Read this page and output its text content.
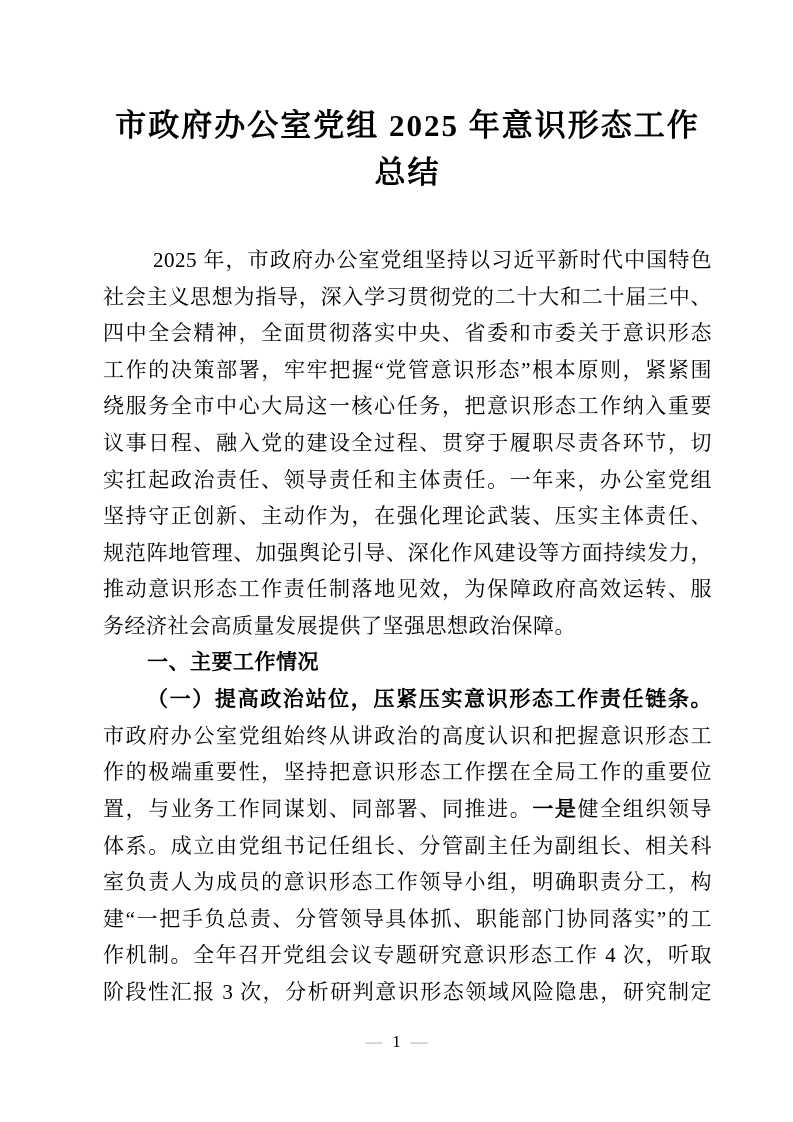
市政府办公室党组 2025 年意识形态工作
总结
2025 年，市政府办公室党组坚持以习近平新时代中国特色
社会主义思想为指导，深入学习贯彻党的二十大和二十届三中、
四中全会精神，全面贯彻落实中央、省委和市委关于意识形态
工作的决策部署，牢牢把握“党管意识形态”根本原则，紧紧围
绕服务全市中心大局这一核心任务，把意识形态工作纳入重要
议事日程、融入党的建设全过程、贯穿于履职尽责各环节，切
实扛起政治责任、领导责任和主体责任。一年来，办公室党组
坚持守正创新、主动作为，在强化理论武装、压实主体责任、
规范阵地管理、加强舆论引导、深化作风建设等方面持续发力，
推动意识形态工作责任制落地见效，为保障政府高效运转、服
务经济社会高质量发展提供了坚强思想政治保障。
一、主要工作情况
（一）提高政治站位，压紧压实意识形态工作责任链条。
市政府办公室党组始终从讲政治的高度认识和把握意识形态工
作的极端重要性，坚持把意识形态工作摆在全局工作的重要位
置，与业务工作同谋划、同部署、同推进。一是健全组织领导
体系。成立由党组书记任组长、分管副主任为副组长、相关科
室负责人为成员的意识形态工作领导小组，明确职责分工，构
建“一把手负总责、分管领导具体抓、职能部门协同落实”的工
作机制。全年召开党组会议专题研究意识形态工作 4 次，听取
阶段性汇报 3 次，分析研判意识形态领域风险隐患，研究制定
— 1 —
